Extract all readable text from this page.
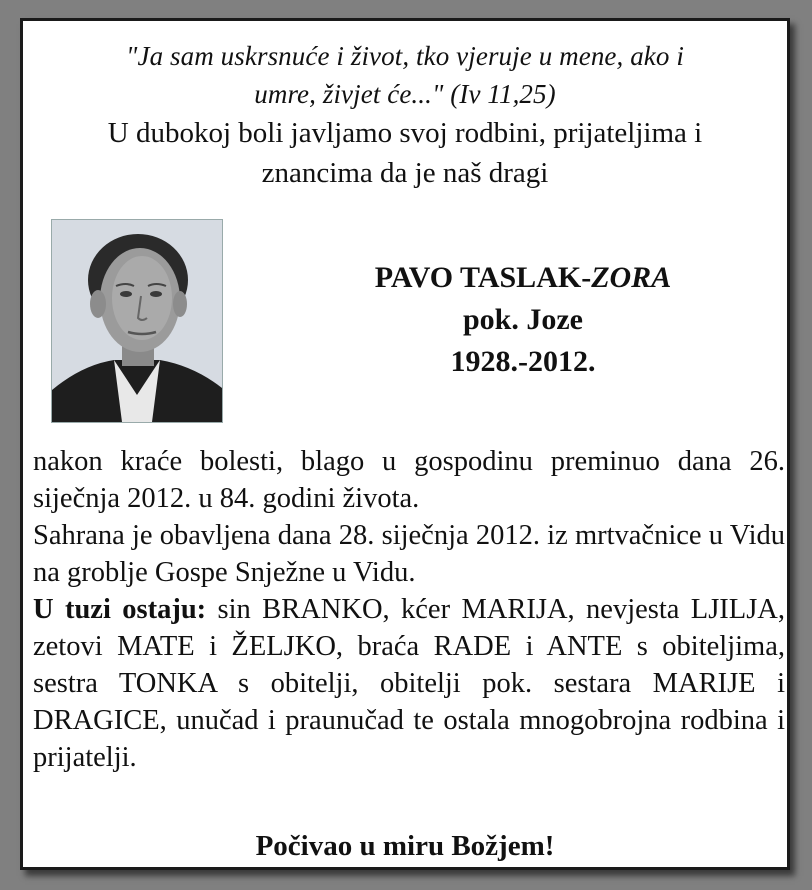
"Ja sam uskrsnuće i život, tko vjeruje u mene, ako i
umre, živjet će..." (Iv 11,25)
U dubokoj boli javljamo svoj rodbini, prijateljima i
znancima da je naš dragi
PAVO TASLAK-ZORA
pok. Joze
1928.-2012.

nakon kraće bolesti, blago u gospodinu preminuo dana 26. siječnja 2012. u 84. godini života.

Sahrana je obavljena dana 28. siječnja 2012. iz mrtvačnice u Vidu na groblje Gospe Snježne u Vidu.

U tuzi ostaju: sin BRANKO, kćer MARIJA, nevjesta LJILJA, zetovi MATE i ŽELJKO, braća RADE i ANTE s obiteljima, sestra TONKA s obitelji, obitelji pok. sestara MARIJE i DRAGICE, unučad i praunučad te ostala mnogobrojna rodbina i prijatelji.

Počivao u miru Božjem!
